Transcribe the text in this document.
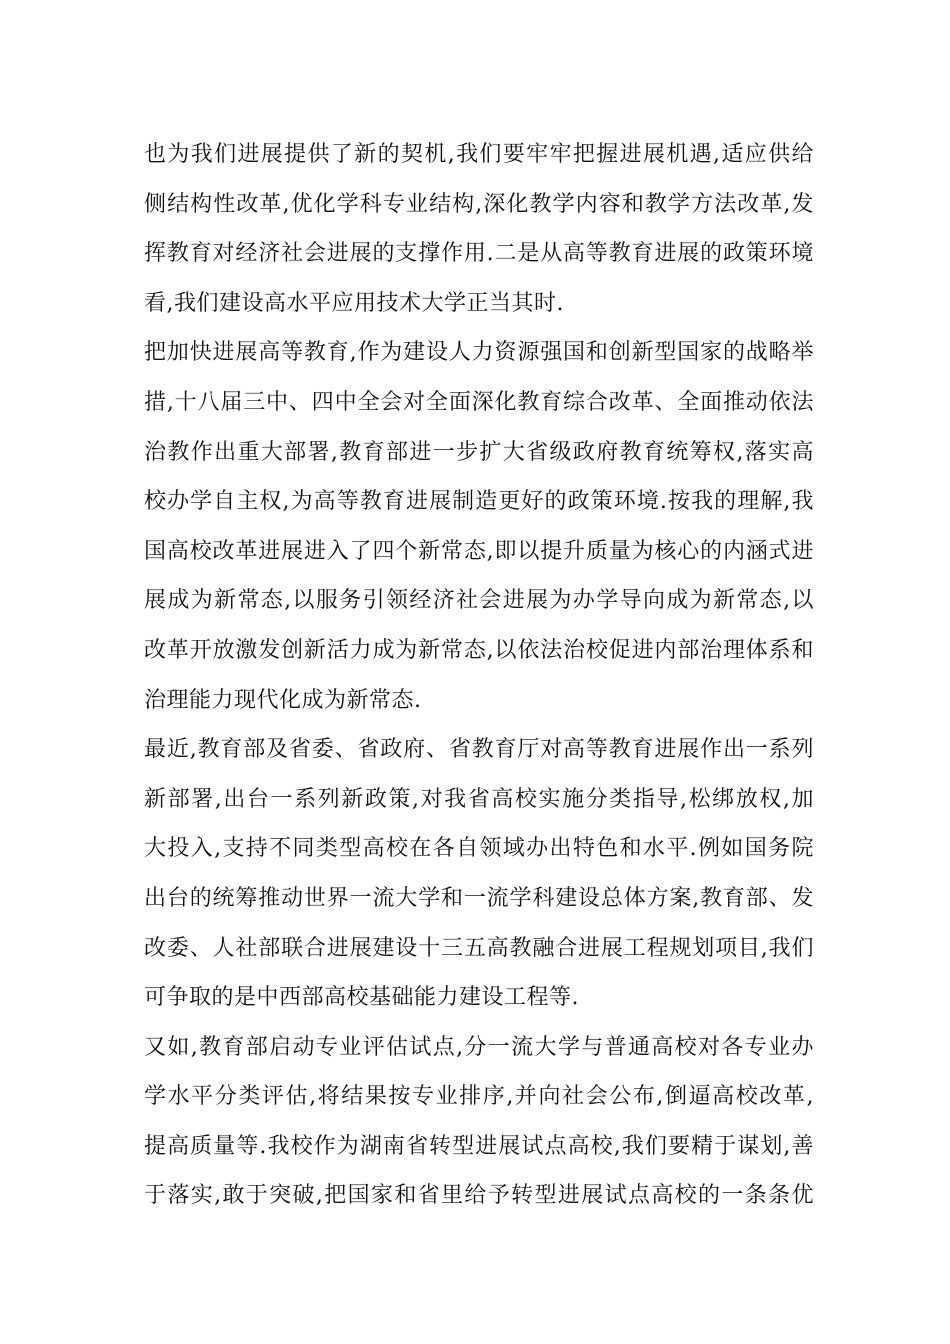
也为我们进展提供了新的契机,我们要牢牢把握进展机遇,适应供给
侧结构性改革,优化学科专业结构,深化教学内容和教学方法改革,发
挥教育对经济社会进展的支撑作用.二是从高等教育进展的政策环境
看,我们建设高水平应用技术大学正当其时.
把加快进展高等教育,作为建设人力资源强国和创新型国家的战略举
措,十八届三中、四中全会对全面深化教育综合改革、全面推动依法
治教作出重大部署,教育部进一步扩大省级政府教育统筹权,落实高
校办学自主权,为高等教育进展制造更好的政策环境.按我的理解,我
国高校改革进展进入了四个新常态,即以提升质量为核心的内涵式进
展成为新常态,以服务引领经济社会进展为办学导向成为新常态,以
改革开放激发创新活力成为新常态,以依法治校促进内部治理体系和
治理能力现代化成为新常态.
最近,教育部及省委、省政府、省教育厅对高等教育进展作出一系列
新部署,出台一系列新政策,对我省高校实施分类指导,松绑放权,加
大投入,支持不同类型高校在各自领域办出特色和水平.例如国务院
出台的统筹推动世界一流大学和一流学科建设总体方案,教育部、发
改委、人社部联合进展建设十三五高教融合进展工程规划项目,我们
可争取的是中西部高校基础能力建设工程等.
又如,教育部启动专业评估试点,分一流大学与普通高校对各专业办
学水平分类评估,将结果按专业排序,并向社会公布,倒逼高校改革,
提高质量等.我校作为湖南省转型进展试点高校,我们要精于谋划,善
于落实,敢于突破,把国家和省里给予转型进展试点高校的一条条优
